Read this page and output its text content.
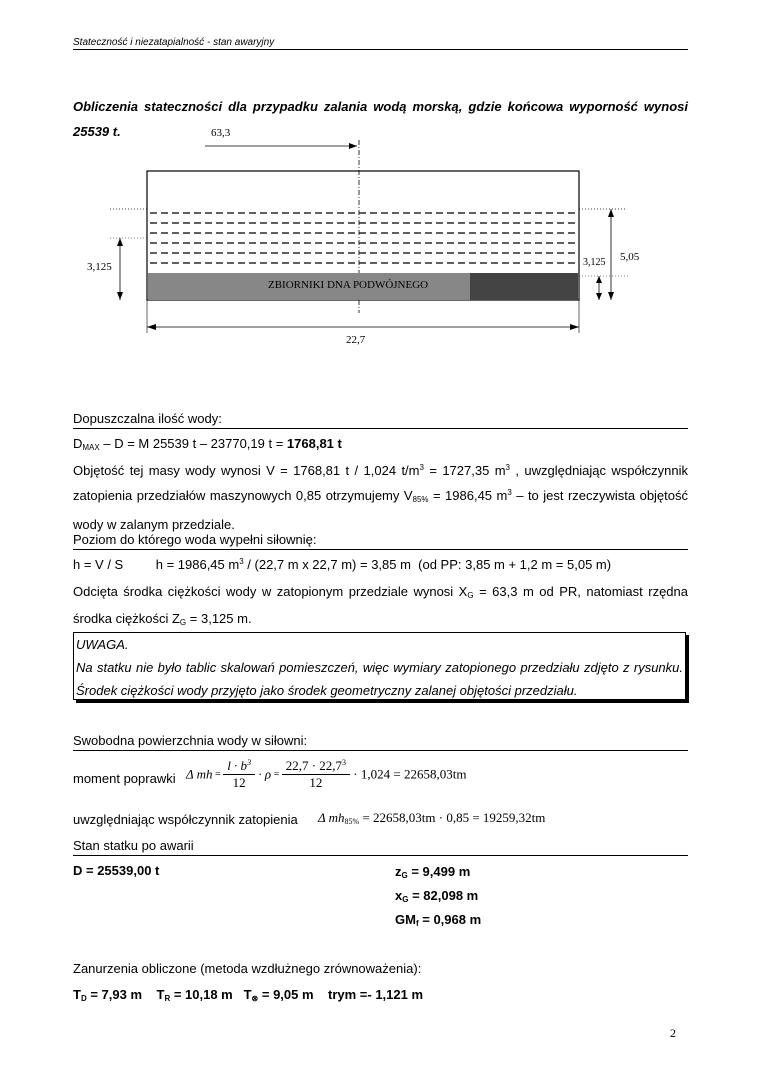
Stateczność i niezatapialność - stan awaryjny
Obliczenia stateczności dla przypadku zalania wodą morską, gdzie końcowa wyporność wynosi 25539 t.	63,3
3,125	3,125 5,05
ZBIORNIKI DNA PODWÓJNEGO
22,7
Dopuszczalna ilość wody:
$D_{MAX} - D = M$ 25539 t – 23770,19 t = 1768,81 t
Objętość tej masy wody wynosi V = 1768,81 t / 1,024 $t/m^3 = 1727,35$ $m^3$ , uwzględniając współczynnik zatopienia przedziałów maszynowych 0,85 otrzymujemy $V_{85\%} = 1986,45$ $m^3$ – to jest rzeczywista objętość wody w zalanym przedziale.
Poziom do którego woda wypełni siłownię:
h = V / S         h = 1986,45 $m^3 / (22,7$ m x 22,7 m) = 3,85 m  (od PP: 3,85 m + 1,2 m = 5,05 m)
Odcięta środka ciężkości wody w zatopionym przedziale wynosi $X_G = 63,3$ m od PR, natomiast rzędna środka ciężkości $Z_G = 3,125$ m.
UWAGA.
Na statku nie było tablic skalowań pomieszczeń, więc wymiary zatopionego przedziału zdjęto z rysunku. Środek ciężkości wody przyjęto jako środek geometryczny zalanej objętości przedziału.
Swobodna powierzchnia wody w siłowni:
moment poprawki Δ mh = $\frac{l \cdot b^3}{12} \cdot \rho = \frac{22,7 \cdot 22,7^3}{12} \cdot 1,024 = 22658,03tm$
uwzględniając współczynnik zatopienia Δ $mh_{85\%} = 22658,03tm \cdot 0,85 = 19259,32tm$
Stan statku po awarii
D = 25539,00 t	$z_G = 9,499$ m
$x_G = 82,098$ m
$GM_f = 0,968$ m
Zanurzenia obliczone (metoda wzdłużnego zrównoważenia):
$T_D = 7,93$ m $T_R = 10,18$ m $T_\otimes = 9,05$ m trym =- 1,121 m
2
